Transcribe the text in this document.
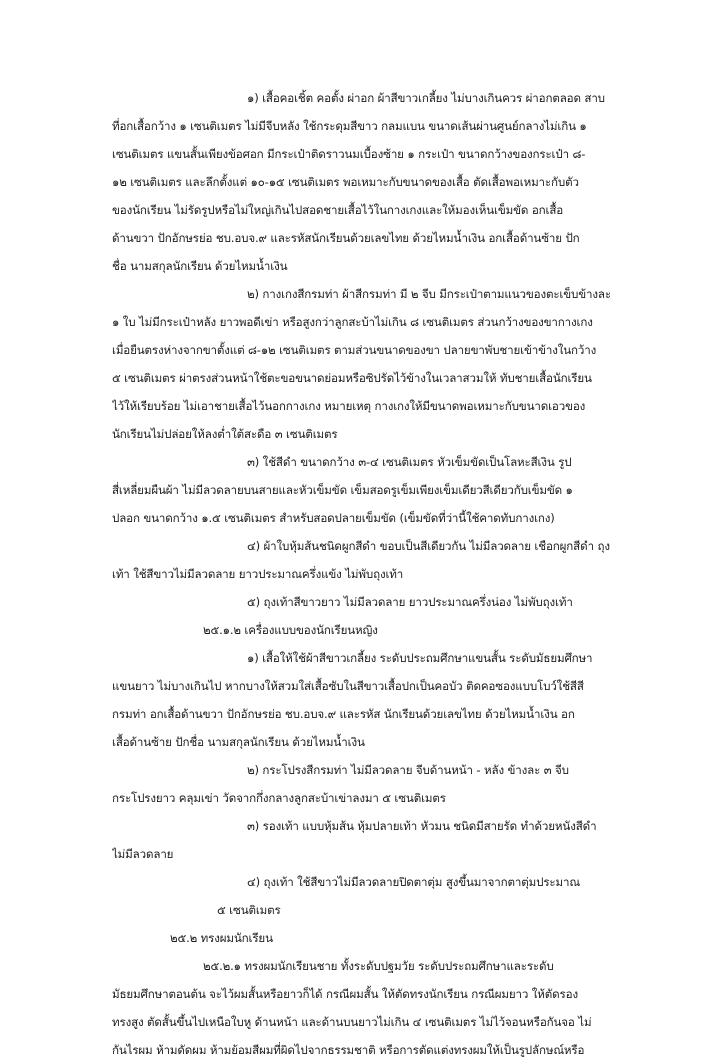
๑) เสื้อคอเชิ้ต คอตั้ง ผ่าอก ผ้าสีขาวเกลี้ยง ไม่บางเกินควร ผ่าอกตลอด สาบ
ที่อกเสื้อกว้าง ๑ เซนติเมตร ไม่มีจีบหลัง ใช้กระดุมสีขาว กลมแบน ขนาดเส้นผ่านศูนย์กลางไม่เกิน ๑
เซนติเมตร แขนสั้นเพียงข้อศอก มีกระเป๋าติดราวนมเบื้องซ้าย ๑ กระเป๋า ขนาดกว้างของกระเป๋า ๘-
๑๒ เซนติเมตร และลึกตั้งแต่ ๑๐-๑๕ เซนติเมตร พอเหมาะกับขนาดของเสื้อ ตัดเสื้อพอเหมาะกับตัว
ของนักเรียน ไม่รัดรูปหรือไม่ใหญ่เกินไปสอดชายเสื้อไว้ในกางเกงและให้มองเห็นเข็มขัด อกเสื้อ
ด้านขวา ปักอักษรย่อ ชบ.อบจ.๙ และรหัสนักเรียนด้วยเลขไทย ด้วยไหมน้ำเงิน อกเสื้อด้านซ้าย ปัก
ชื่อ นามสกุลนักเรียน ด้วยไหมน้ำเงิน
๒) กางเกงสีกรมท่า ผ้าสีกรมท่า มี ๒ จีบ มีกระเป๋าตามแนวของตะเข็บข้างละ
๑ ใบ ไม่มีกระเป๋าหลัง ยาวพอดีเข่า หรือสูงกว่าลูกสะบ้าไม่เกิน ๘ เซนติเมตร ส่วนกว้างของขากางเกง
เมื่อยืนตรงห่างจากขาตั้งแต่ ๘-๑๒ เซนติเมตร ตามส่วนขนาดของขา ปลายขาพับชายเข้าข้างในกว้าง
๕ เซนติเมตร ผ่าตรงส่วนหน้าใช้ตะขอขนาดย่อมหรือซิปรัดไว้ข้างในเวลาสวมให้ ทับชายเสื้อนักเรียน
ไว้ให้เรียบร้อย ไม่เอาชายเสื้อไว้นอกกางเกง หมายเหตุ กางเกงให้มีขนาดพอเหมาะกับขนาดเอวของ
นักเรียนไม่ปล่อยให้ลงต่ำใต้สะดือ ๓ เซนติเมตร
๓) ใช้สีดำ ขนาดกว้าง ๓-๔ เซนติเมตร หัวเข็มขัดเป็นโลหะสีเงิน รูป
สี่เหลี่ยมผืนผ้า ไม่มีลวดลายบนสายและหัวเข็มขัด เข็มสอดรูเข็มเพียงเข็มเดียวสีเดียวกับเข็มขัด ๑
ปลอก ขนาดกว้าง ๑.๕ เซนติเมตร สำหรับสอดปลายเข็มขัด (เข็มขัดที่ว่านี้ใช้คาดทับกางเกง)
๔) ผ้าใบหุ้มส้นชนิดผูกสีดำ ขอบเป็นสีเดียวกัน ไม่มีลวดลาย เชือกผูกสีดำ ถุง
เท้า ใช้สีขาวไม่มีลวดลาย ยาวประมาณครึ่งแข้ง ไม่พับถุงเท้า
๕) ถุงเท้าสีขาวยาว ไม่มีลวดลาย ยาวประมาณครึ่งน่อง ไม่พับถุงเท้า
๒๕.๑.๒ เครื่องแบบของนักเรียนหญิง
๑) เสื้อให้ใช้ผ้าสีขาวเกลี้ยง ระดับประถมศึกษาแขนสั้น ระดับมัธยมศึกษา
แขนยาว ไม่บางเกินไป หากบางให้สวมใส่เสื้อซับในสีขาวเสื้อปกเป็นคอบัว ติดคอซองแบบโบว์ใช้สีสี
กรมท่า อกเสื้อด้านขวา ปักอักษรย่อ ชบ.อบจ.๙ และรหัส นักเรียนด้วยเลขไทย ด้วยไหมน้ำเงิน อก
เสื้อด้านซ้าย ปักชื่อ นามสกุลนักเรียน ด้วยไหมน้ำเงิน
๒) กระโปรงสีกรมท่า ไม่มีลวดลาย จีบด้านหน้า - หลัง ข้างละ ๓ จีบ
กระโปรงยาว คลุมเข่า วัดจากกึ่งกลางลูกสะบ้าเข่าลงมา ๕ เซนติเมตร
๓) รองเท้า แบบหุ้มส้น หุ้มปลายเท้า หัวมน ชนิดมีสายรัด ทำด้วยหนังสีดำ
ไม่มีลวดลาย
๔) ถุงเท้า ใช้สีขาวไม่มีลวดลายปิดตาตุ่ม สูงขึ้นมาจากตาตุ่มประมาณ
๕ เซนติเมตร
๒๕.๒ ทรงผมนักเรียน
๒๕.๒.๑ ทรงผมนักเรียนชาย ทั้งระดับปฐมวัย ระดับประถมศึกษาและระดับ
มัธยมศึกษาตอนต้น จะไว้ผมสั้นหรือยาวก็ได้ กรณีผมสั้น ให้ตัดทรงนักเรียน กรณีผมยาว ให้ตัดรอง
ทรงสูง ตัดสั้นขึ้นไปเหนือใบหู ด้านหน้า และด้านบนยาวไม่เกิน ๔ เซนติเมตร ไม่ไว้จอนหรือกันจอ ไม่
กันไรผม ห้ามดัดผม ห้ามย้อมสีผมที่ผิดไปจากธรรมชาติ หรือการตัดแต่งทรงผมให้เป็นรูปลักษณ์หรือ
